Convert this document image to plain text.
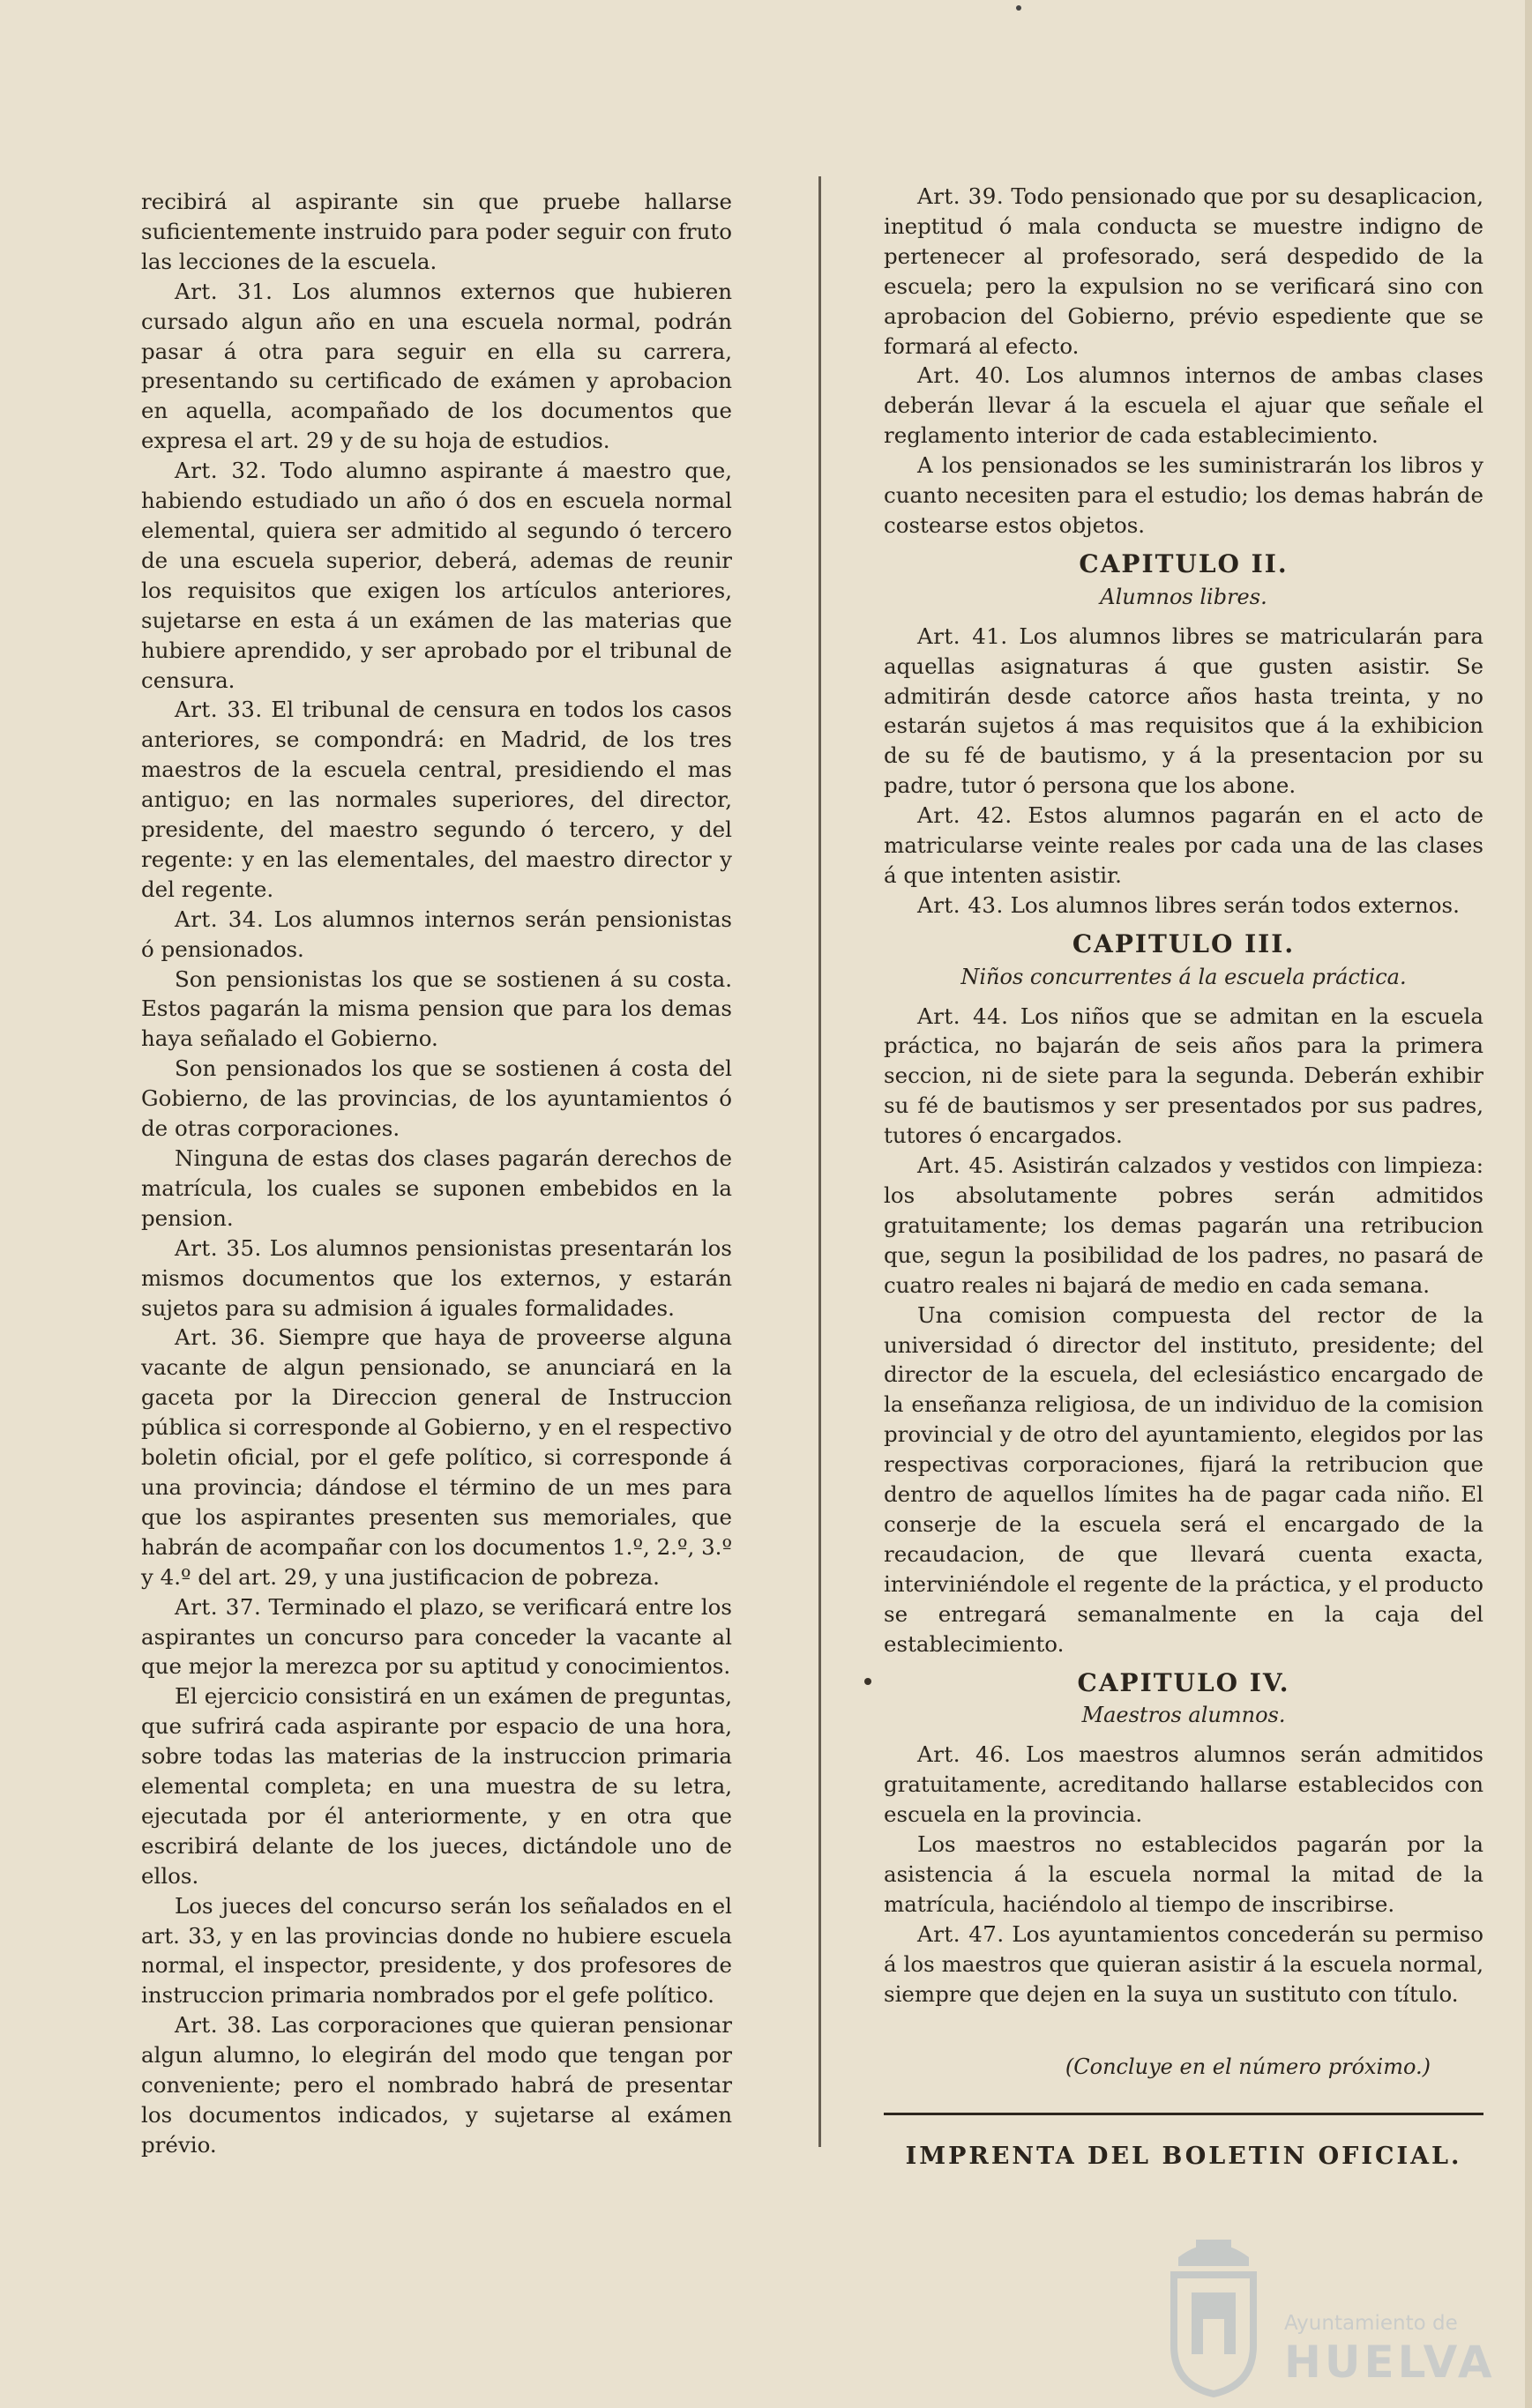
recibirá al aspirante sin que pruebe hallarse suficientemente instruido para poder seguir con fruto las lecciones de la escuela.

Art. 31. Los alumnos externos que hubieren cursado algun año en una escuela normal, podrán pasar á otra para seguir en ella su carrera, presentando su certificado de exámen y aprobacion en aquella, acompañado de los documentos que expresa el art. 29 y de su hoja de estudios.

Art. 32. Todo alumno aspirante á maestro que, habiendo estudiado un año ó dos en escuela normal elemental, quiera ser admitido al segundo ó tercero de una escuela superior, deberá, ademas de reunir los requisitos que exigen los artículos anteriores, sujetarse en esta á un exámen de las materias que hubiere aprendido, y ser aprobado por el tribunal de censura.

Art. 33. El tribunal de censura en todos los casos anteriores, se compondrá: en Madrid, de los tres maestros de la escuela central, presidiendo el mas antiguo; en las normales superiores, del director, presidente, del maestro segundo ó tercero, y del regente: y en las elementales, del maestro director y del regente.

Art. 34. Los alumnos internos serán pensionistas ó pensionados.

Son pensionistas los que se sostienen á su costa. Estos pagarán la misma pension que para los demas haya señalado el Gobierno.

Son pensionados los que se sostienen á costa del Gobierno, de las provincias, de los ayuntamientos ó de otras corporaciones.

Ninguna de estas dos clases pagarán derechos de matrícula, los cuales se suponen embebidos en la pension.

Art. 35. Los alumnos pensionistas presentarán los mismos documentos que los externos, y estarán sujetos para su admision á iguales formalidades.

Art. 36. Siempre que haya de proveerse alguna vacante de algun pensionado, se anunciará en la gaceta por la Direccion general de Instruccion pública si corresponde al Gobierno, y en el respectivo boletin oficial, por el gefe político, si corresponde á una provincia; dándose el término de un mes para que los aspirantes presenten sus memoriales, que habrán de acompañar con los documentos 1.º, 2.º, 3.º y 4.º del art. 29, y una justificacion de pobreza.

Art. 37. Terminado el plazo, se verificará entre los aspirantes un concurso para conceder la vacante al que mejor la merezca por su aptitud y conocimientos.

El ejercicio consistirá en un exámen de preguntas, que sufrirá cada aspirante por espacio de una hora, sobre todas las materias de la instruccion primaria elemental completa; en una muestra de su letra, ejecutada por él anteriormente, y en otra que escribirá delante de los jueces, dictándole uno de ellos.

Los jueces del concurso serán los señalados en el art. 33, y en las provincias donde no hubiere escuela normal, el inspector, presidente, y dos profesores de instruccion primaria nombrados por el gefe político.

Art. 38. Las corporaciones que quieran pensionar algun alumno, lo elegirán del modo que tengan por conveniente; pero el nombrado habrá de presentar los documentos indicados, y sujetarse al exámen prévio.

Art. 39. Todo pensionado que por su desaplicacion, ineptitud ó mala conducta se muestre indigno de pertenecer al profesorado, será despedido de la escuela; pero la expulsion no se verificará sino con aprobacion del Gobierno, prévio espediente que se formará al efecto.

Art. 40. Los alumnos internos de ambas clases deberán llevar á la escuela el ajuar que señale el reglamento interior de cada establecimiento.

A los pensionados se les suministrarán los libros y cuanto necesiten para el estudio; los demas habrán de costearse estos objetos.

CAPITULO II.
Alumnos libres.

Art. 41. Los alumnos libres se matricularán para aquellas asignaturas á que gusten asistir. Se admitirán desde catorce años hasta treinta, y no estarán sujetos á mas requisitos que á la exhibicion de su fé de bautismo, y á la presentacion por su padre, tutor ó persona que los abone.

Art. 42. Estos alumnos pagarán en el acto de matricularse veinte reales por cada una de las clases á que intenten asistir.

Art. 43. Los alumnos libres serán todos externos.

CAPITULO III.
Niños concurrentes á la escuela práctica.

Art. 44. Los niños que se admitan en la escuela práctica, no bajarán de seis años para la primera seccion, ni de siete para la segunda. Deberán exhibir su fé de bautismos y ser presentados por sus padres, tutores ó encargados.

Art. 45. Asistirán calzados y vestidos con limpieza: los absolutamente pobres serán admitidos gratuitamente; los demas pagarán una retribucion que, segun la posibilidad de los padres, no pasará de cuatro reales ni bajará de medio en cada semana.

Una comision compuesta del rector de la universidad ó director del instituto, presidente; del director de la escuela, del eclesiástico encargado de la enseñanza religiosa, de un individuo de la comision provincial y de otro del ayuntamiento, elegidos por las respectivas corporaciones, fijará la retribucion que dentro de aquellos límites ha de pagar cada niño. El conserje de la escuela será el encargado de la recaudacion, de que llevará cuenta exacta, interviniéndole el regente de la práctica, y el producto se entregará semanalmente en la caja del establecimiento.

CAPITULO IV.
Maestros alumnos.

Art. 46. Los maestros alumnos serán admitidos gratuitamente, acreditando hallarse establecidos con escuela en la provincia.

Los maestros no establecidos pagarán por la asistencia á la escuela normal la mitad de la matrícula, haciéndolo al tiempo de inscribirse.

Art. 47. Los ayuntamientos concederán su permiso á los maestros que quieran asistir á la escuela normal, siempre que dejen en la suya un sustituto con título.

(Concluye en el número próximo.)
IMPRENTA DEL BOLETIN OFICIAL.
Ayuntamiento de
HUELVA
